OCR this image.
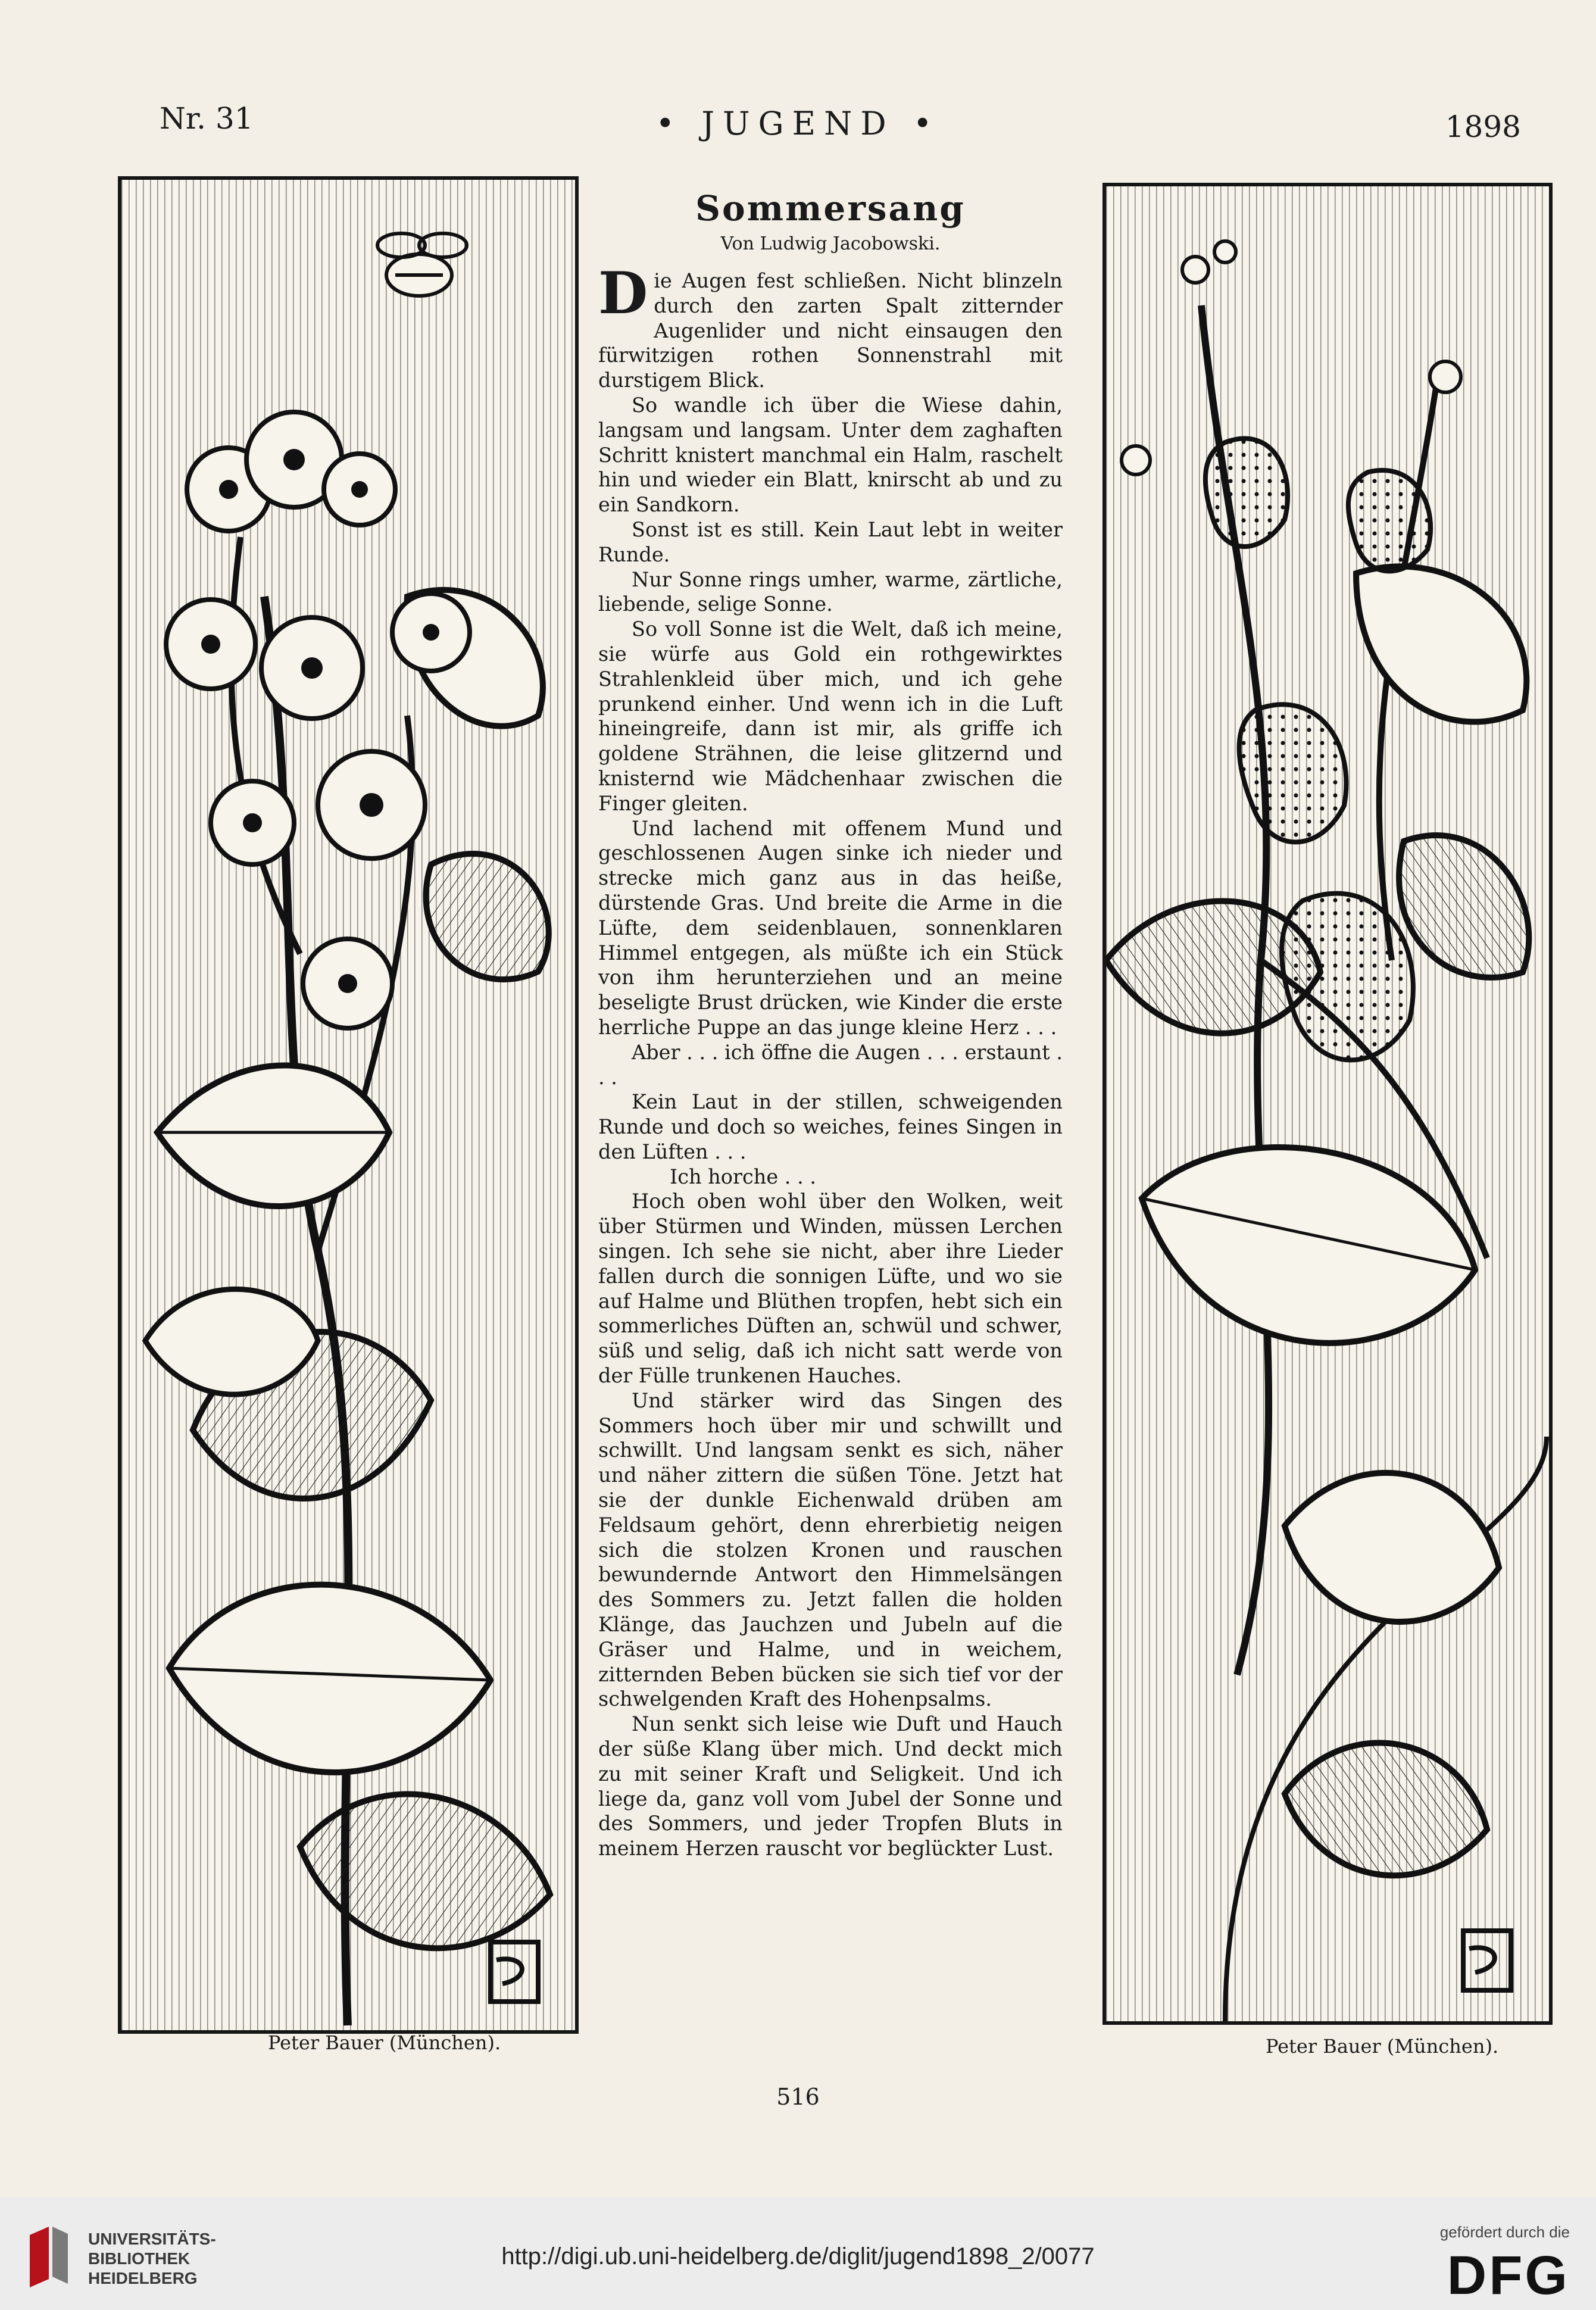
Nr. 31	• JUGEND •	1898
Peter Bauer (München).
Sommersang
Von Ludwig Jacobowski.

Die Augen fest schließen. Nicht blinzeln durch den zarten Spalt zitternder Augenlider und nicht einsaugen den fürwitzigen rothen Sonnenstrahl mit durstigem Blick.

So wandle ich über die Wiese dahin, langsam und langsam. Unter dem zaghaften Schritt knistert manchmal ein Halm, raschelt hin und wieder ein Blatt, knirscht ab und zu ein Sandkorn.

Sonst ist es still. Kein Laut lebt in weiter Runde.

Nur Sonne rings umher, warme, zärtliche, liebende, selige Sonne.

So voll Sonne ist die Welt, daß ich meine, sie würfe aus Gold ein rothgewirktes Strahlenkleid über mich, und ich gehe prunkend einher. Und wenn ich in die Luft hineingreife, dann ist mir, als griffe ich goldene Strähnen, die leise glitzernd und knisternd wie Mädchenhaar zwischen die Finger gleiten.

Und lachend mit offenem Mund und geschlossenen Augen sinke ich nieder und strecke mich ganz aus in das heiße, dürstende Gras. Und breite die Arme in die Lüfte, dem seidenblauen, sonnenklaren Himmel entgegen, als müßte ich ein Stück von ihm herunterziehen und an meine beseligte Brust drücken, wie Kinder die erste herrliche Puppe an das junge kleine Herz . . .

Aber . . . ich öffne die Augen . . . erstaunt . . .

Kein Laut in der stillen, schweigenden Runde und doch so weiches, feines Singen in den Lüften . . .

Ich horche . . .

Hoch oben wohl über den Wolken, weit über Stürmen und Winden, müssen Lerchen singen. Ich sehe sie nicht, aber ihre Lieder fallen durch die sonnigen Lüfte, und wo sie auf Halme und Blüthen tropfen, hebt sich ein sommerliches Düften an, schwül und schwer, süß und selig, daß ich nicht satt werde von der Fülle trunkenen Hauches.

Und stärker wird das Singen des Sommers hoch über mir und schwillt und schwillt. Und langsam senkt es sich, näher und näher zittern die süßen Töne. Jetzt hat sie der dunkle Eichenwald drüben am Feldsaum gehört, denn ehrerbietig neigen sich die stolzen Kronen und rauschen bewundernde Antwort den Himmelsängen des Sommers zu. Jetzt fallen die holden Klänge, das Jauchzen und Jubeln auf die Gräser und Halme, und in weichem, zitternden Beben bücken sie sich tief vor der schwelgenden Kraft des Hohenpsalms.

Nun senkt sich leise wie Duft und Hauch der süße Klang über mich. Und deckt mich zu mit seiner Kraft und Seligkeit. Und ich liege da, ganz voll vom Jubel der Sonne und des Sommers, und jeder Tropfen Bluts in meinem Herzen rauscht vor beglückter Lust.

Peter Bauer (München).
516
UNIVERSITÄTS-
BIBLIOTHEK
HEIDELBERG
http://digi.ub.uni-heidelberg.de/diglit/jugend1898_2/0077
gefördert durch die
DFG
